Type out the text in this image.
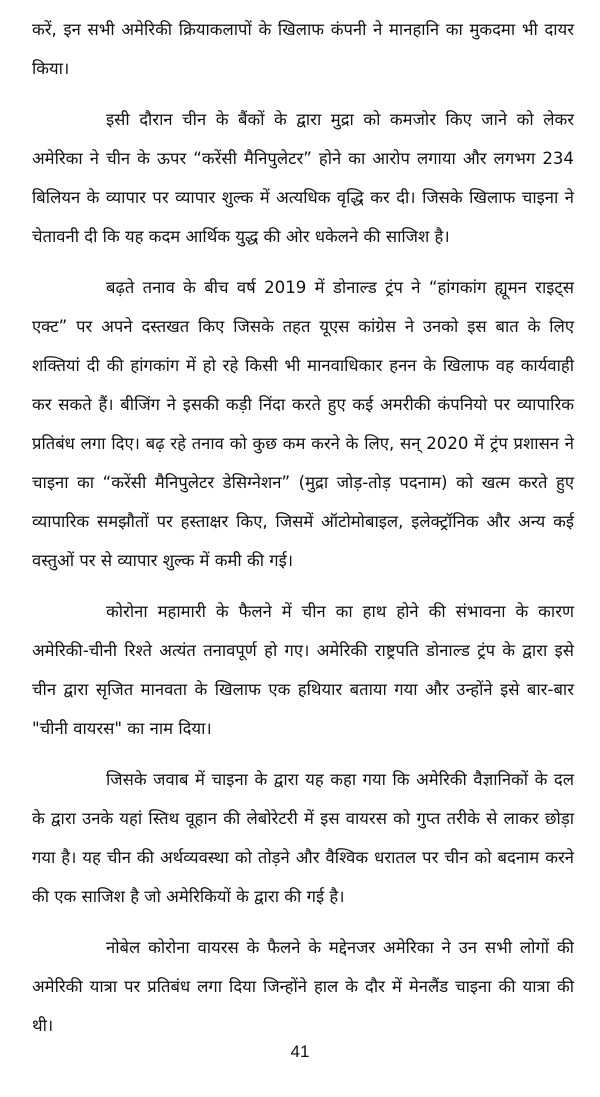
करें, इन सभी अमेरिकी क्रियाकलापों के खिलाफ कंपनी ने मानहानि का मुकदमा भी दायर किया।

इसी दौरान चीन के बैंकों के द्वारा मुद्रा को कमजोर किए जाने को लेकर अमेरिका ने चीन के ऊपर “करेंसी मैनिपुलेटर” होने का आरोप लगाया और लगभग 234 बिलियन के व्यापार पर व्यापार शुल्क में अत्यधिक वृद्धि कर दी। जिसके खिलाफ चाइना ने चेतावनी दी कि यह कदम आर्थिक युद्ध की ओर धकेलने की साजिश है।

बढ़ते तनाव के बीच वर्ष 2019 में डोनाल्ड ट्रंप ने “हांगकांग ह्यूमन राइट्स एक्ट” पर अपने दस्तखत किए जिसके तहत यूएस कांग्रेस ने उनको इस बात के लिए शक्तियां दी की हांगकांग में हो रहे किसी भी मानवाधिकार हनन के खिलाफ वह कार्यवाही कर सकते हैं। बीजिंग ने इसकी कड़ी निंदा करते हुए कई अमरीकी कंपनियो पर व्यापारिक प्रतिबंध लगा दिए। बढ़ रहे तनाव को कुछ कम करने के लिए, सन् 2020 में ट्रंप प्रशासन ने चाइना का “करेंसी मैनिपुलेटर डेसिग्नेशन” (मुद्रा जोड़-तोड़ पदनाम) को खत्म करते हुए व्यापारिक समझौतों पर हस्ताक्षर किए, जिसमें ऑटोमोबाइल, इलेक्ट्रॉनिक और अन्य कई वस्तुओं पर से व्यापार शुल्क में कमी की गई।

कोरोना महामारी के फैलने में चीन का हाथ होने की संभावना के कारण अमेरिकी-चीनी रिश्ते अत्यंत तनावपूर्ण हो गए। अमेरिकी राष्ट्रपति डोनाल्ड ट्रंप के द्वारा इसे चीन द्वारा सृजित मानवता के खिलाफ एक हथियार बताया गया और उन्होंने इसे बार-बार "चीनी वायरस" का नाम दिया।

जिसके जवाब में चाइना के द्वारा यह कहा गया कि अमेरिकी वैज्ञानिकों के दल के द्वारा उनके यहां स्तिथ वूहान की लेबोरेटरी में इस वायरस को गुप्त तरीके से लाकर छोड़ा गया है। यह चीन की अर्थव्यवस्था को तोड़ने और वैश्विक धरातल पर चीन को बदनाम करने की एक साजिश है जो अमेरिकियों के द्वारा की गई है।

नोबेल कोरोना वायरस के फैलने के मद्देनजर अमेरिका ने उन सभी लोगों की अमेरिकी यात्रा पर प्रतिबंध लगा दिया जिन्होंने हाल के दौर में मेनलैंड चाइना की यात्रा की थी।

41
